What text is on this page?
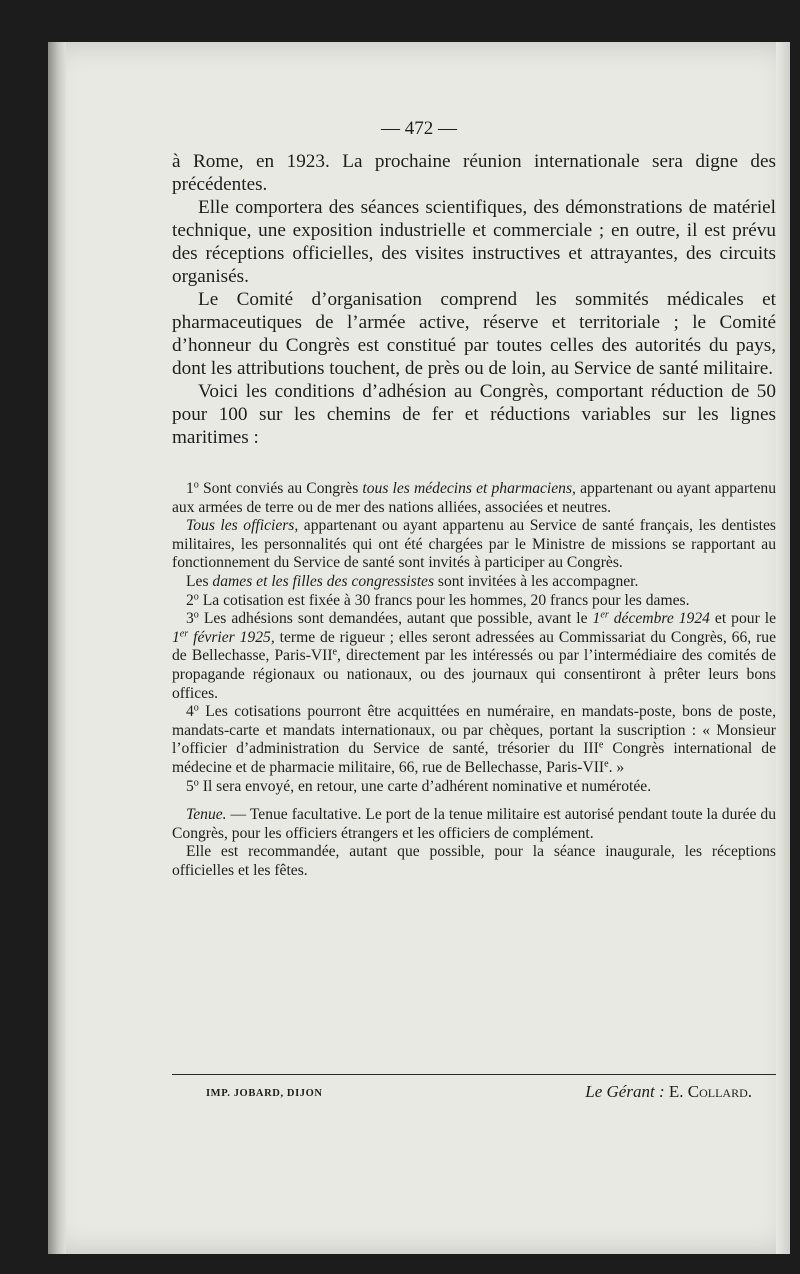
— 472 —

à Rome, en 1923. La prochaine réunion internationale sera digne des précédentes.

Elle comportera des séances scientifiques, des démonstrations de matériel technique, une exposition industrielle et commerciale ; en outre, il est prévu des réceptions officielles, des visites instructives et attrayantes, des circuits organisés.

Le Comité d’organisation comprend les sommités médicales et pharmaceutiques de l’armée active, réserve et territoriale ; le Comité d’honneur du Congrès est constitué par toutes celles des autorités du pays, dont les attributions touchent, de près ou de loin, au Service de santé militaire.

Voici les conditions d’adhésion au Congrès, comportant réduction de 50 pour 100 sur les chemins de fer et réductions variables sur les lignes maritimes :

1$^o$ Sont conviés au Congrès tous les médecins et pharmaciens, appartenant ou ayant appartenu aux armées de terre ou de mer des nations alliées, associées et neutres.

Tous les officiers, appartenant ou ayant appartenu au Service de santé français, les dentistes militaires, les personnalités qui ont été chargées par le Ministre de missions se rapportant au fonctionnement du Service de santé sont invités à participer au Congrès.

Les dames et les filles des congressistes sont invitées à les accompagner.

2$^o$ La cotisation est fixée à 30 francs pour les hommes, 20 francs pour les dames.

3$^o$ Les adhésions sont demandées, autant que possible, avant le 1er décembre 1924 et pour le 1er février 1925, terme de rigueur ; elles seront adressées au Commissariat du Congrès, 66, rue de Bellechasse, Paris-VIIe, directement par les intéressés ou par l’intermédiaire des comités de propagande régionaux ou nationaux, ou des journaux qui consentiront à prêter leurs bons offices.

4$^o$ Les cotisations pourront être acquittées en numéraire, en mandats-poste, bons de poste, mandats-carte et mandats internationaux, ou par chèques, portant la suscription : « Monsieur l’officier d’administration du Service de santé, trésorier du IIIe Congrès international de médecine et de pharmacie militaire, 66, rue de Bellechasse, Paris-VIIe. »

5$^o$ Il sera envoyé, en retour, une carte d’adhérent nominative et numérotée.

Tenue. — Tenue facultative. Le port de la tenue militaire est autorisé pendant toute la durée du Congrès, pour les officiers étrangers et les officiers de complément.

Elle est recommandée, autant que possible, pour la séance inaugurale, les réceptions officielles et les fêtes.

IMP. JOBARD, DIJON	Le Gérant : E. Collard.
